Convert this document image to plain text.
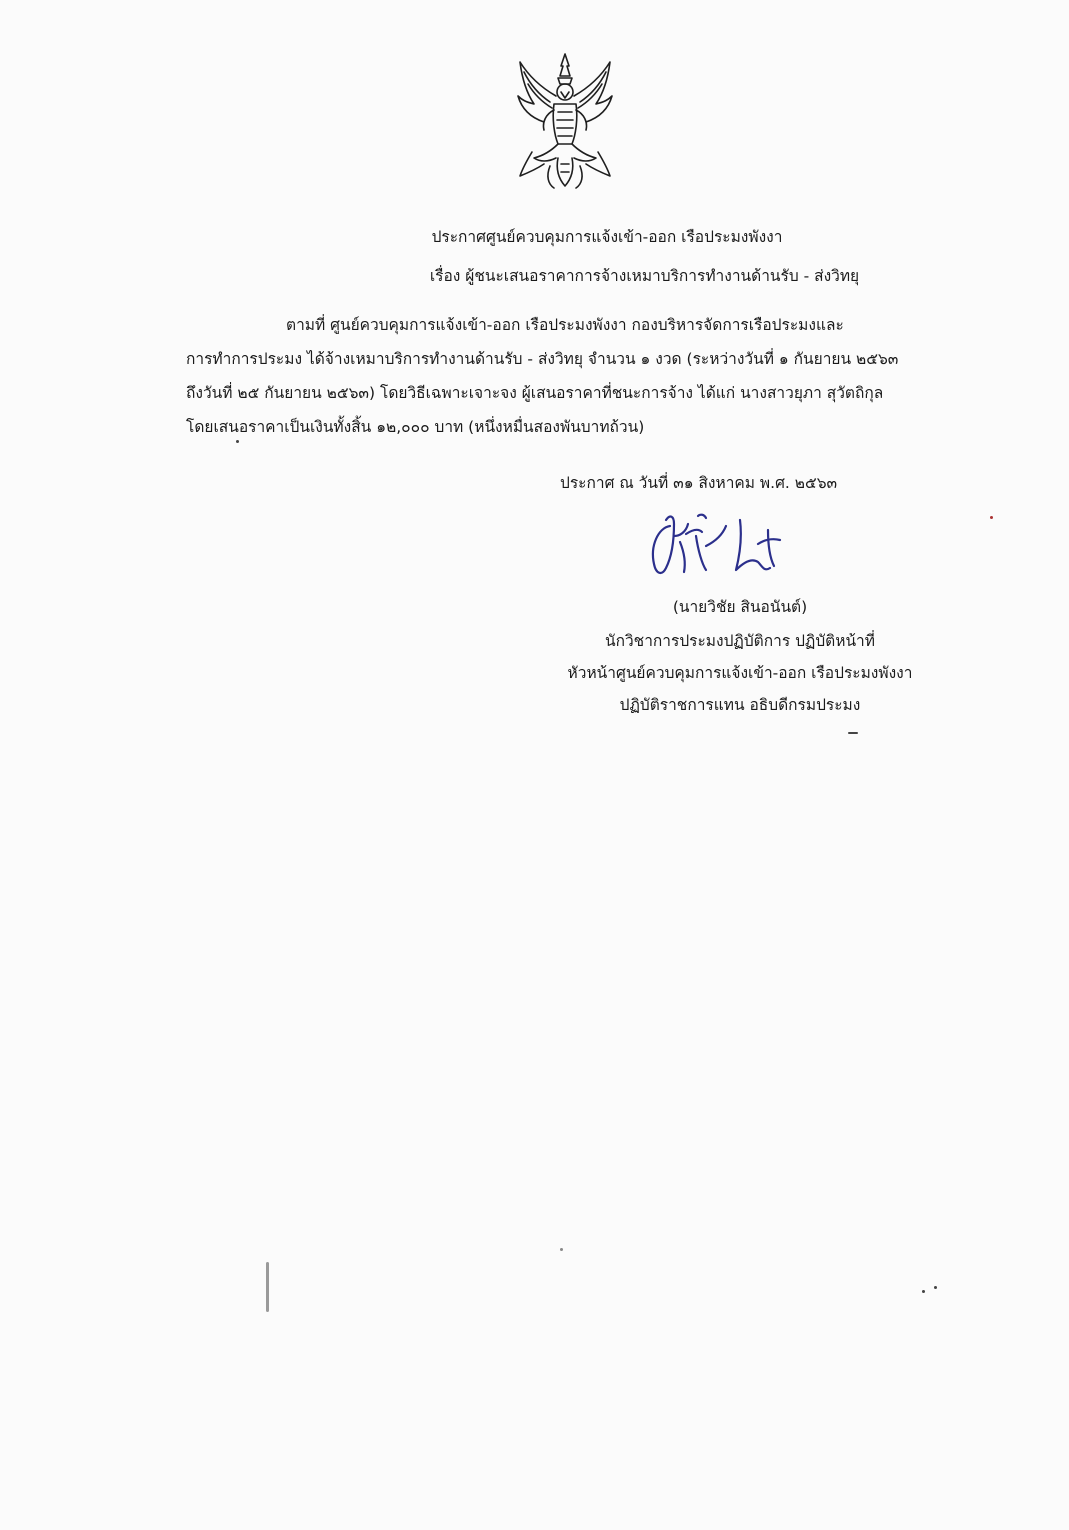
ประกาศศูนย์ควบคุมการแจ้งเข้า-ออก เรือประมงพังงา
เรื่อง ผู้ชนะเสนอราคาการจ้างเหมาบริการทำงานด้านรับ - ส่งวิทยุ
ตามที่ ศูนย์ควบคุมการแจ้งเข้า-ออก เรือประมงพังงา กองบริหารจัดการเรือประมงและ
การทำการประมง ได้จ้างเหมาบริการทำงานด้านรับ - ส่งวิทยุ จำนวน ๑ งวด (ระหว่างวันที่ ๑ กันยายน ๒๕๖๓
ถึงวันที่ ๒๕ กันยายน ๒๕๖๓) โดยวิธีเฉพาะเจาะจง ผู้เสนอราคาที่ชนะการจ้าง ได้แก่ นางสาวยุภา สุวัตถิกุล
โดยเสนอราคาเป็นเงินทั้งสิ้น ๑๒,๐๐๐ บาท (หนึ่งหมื่นสองพันบาทถ้วน)
ประกาศ ณ วันที่ ๓๑ สิงหาคม พ.ศ. ๒๕๖๓
(นายวิชัย สินอนันต์)
นักวิชาการประมงปฏิบัติการ ปฏิบัติหน้าที่
หัวหน้าศูนย์ควบคุมการแจ้งเข้า-ออก เรือประมงพังงา
ปฏิบัติราชการแทน อธิบดีกรมประมง
